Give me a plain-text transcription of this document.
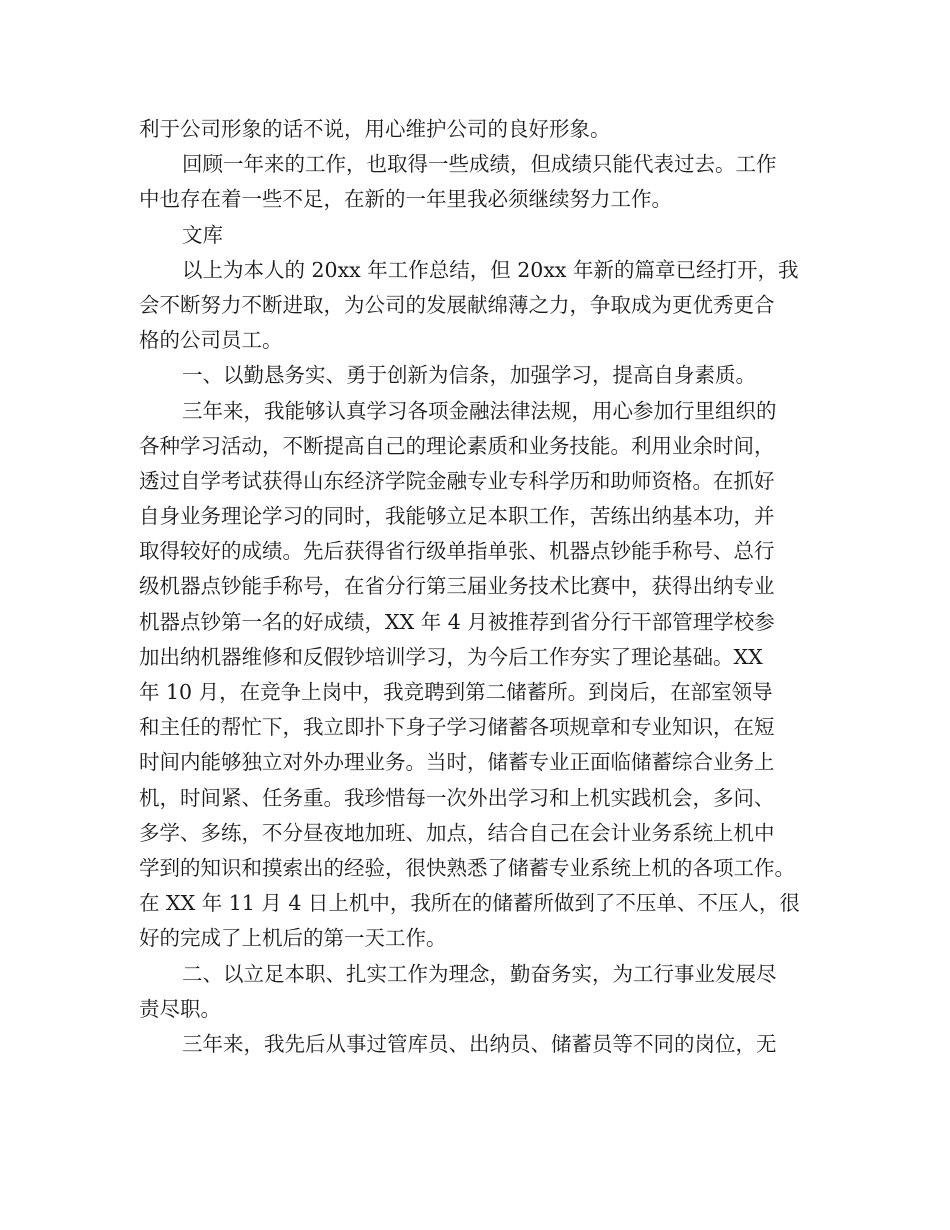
利于公司形象的话不说，用心维护公司的良好形象。
回顾一年来的工作，也取得一些成绩，但成绩只能代表过去。工作
中也存在着一些不足，在新的一年里我必须继续努力工作。
文库
以上为本人的 20xx 年工作总结，但 20xx 年新的篇章已经打开，我
会不断努力不断进取，为公司的发展献绵薄之力，争取成为更优秀更合
格的公司员工。
一、以勤恳务实、勇于创新为信条，加强学习，提高自身素质。
三年来，我能够认真学习各项金融法律法规，用心参加行里组织的
各种学习活动，不断提高自己的理论素质和业务技能。利用业余时间，
透过自学考试获得山东经济学院金融专业专科学历和助师资格。在抓好
自身业务理论学习的同时，我能够立足本职工作，苦练出纳基本功，并
取得较好的成绩。先后获得省行级单指单张、机器点钞能手称号、总行
级机器点钞能手称号，在省分行第三届业务技术比赛中，获得出纳专业
机器点钞第一名的好成绩，XX 年 4 月被推荐到省分行干部管理学校参
加出纳机器维修和反假钞培训学习，为今后工作夯实了理论基础。XX
年 10 月，在竞争上岗中，我竞聘到第二储蓄所。到岗后，在部室领导
和主任的帮忙下，我立即扑下身子学习储蓄各项规章和专业知识，在短
时间内能够独立对外办理业务。当时，储蓄专业正面临储蓄综合业务上
机，时间紧、任务重。我珍惜每一次外出学习和上机实践机会，多问、
多学、多练，不分昼夜地加班、加点，结合自己在会计业务系统上机中
学到的知识和摸索出的经验，很快熟悉了储蓄专业系统上机的各项工作。
在 XX 年 11 月 4 日上机中，我所在的储蓄所做到了不压单、不压人，很
好的完成了上机后的第一天工作。
二、以立足本职、扎实工作为理念，勤奋务实，为工行事业发展尽
责尽职。
三年来，我先后从事过管库员、出纳员、储蓄员等不同的岗位，无
